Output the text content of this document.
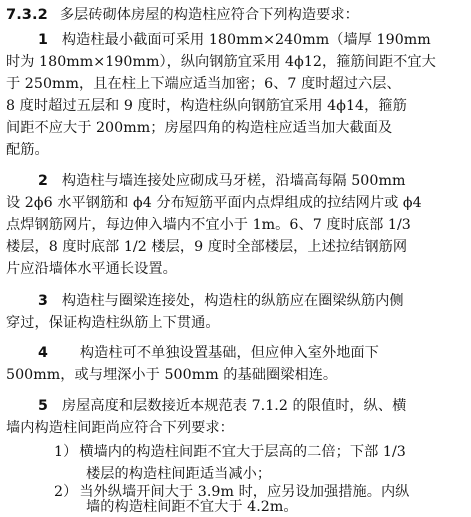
7.3.2 多层砖砌体房屋的构造柱应符合下列构造要求：
1 构造柱最小截面可采用 180mm×240mm（墙厚 190mm
时为 180mm×190mm），纵向钢筋宜采用 4ϕ12，箍筋间距不宜大
于 250mm，且在柱上下端应适当加密；6、7 度时超过六层、
8 度时超过五层和 9 度时，构造柱纵向钢筋宜采用 4ϕ14，箍筋
间距不应大于 200mm；房屋四角的构造柱应适当加大截面及
配筋。
2 构造柱与墙连接处应砌成马牙槎，沿墙高每隔 500mm
设 2ϕ6 水平钢筋和 ϕ4 分布短筋平面内点焊组成的拉结网片或 ϕ4
点焊钢筋网片，每边伸入墙内不宜小于 1m。6、7 度时底部 1/3
楼层，8 度时底部 1/2 楼层，9 度时全部楼层，上述拉结钢筋网
片应沿墙体水平通长设置。
3 构造柱与圈梁连接处，构造柱的纵筋应在圈梁纵筋内侧
穿过，保证构造柱纵筋上下贯通。
4 构造柱可不单独设置基础，但应伸入室外地面下
500mm，或与埋深小于 500mm 的基础圈梁相连。
5 房屋高度和层数接近本规范表 7.1.2 的限值时，纵、横
墙内构造柱间距尚应符合下列要求：
1） 横墙内的构造柱间距不宜大于层高的二倍；下部 1/3
楼层的构造柱间距适当减小；
2） 当外纵墙开间大于 3.9m 时，应另设加强措施。内纵
墙的构造柱间距不宜大于 4.2m。
